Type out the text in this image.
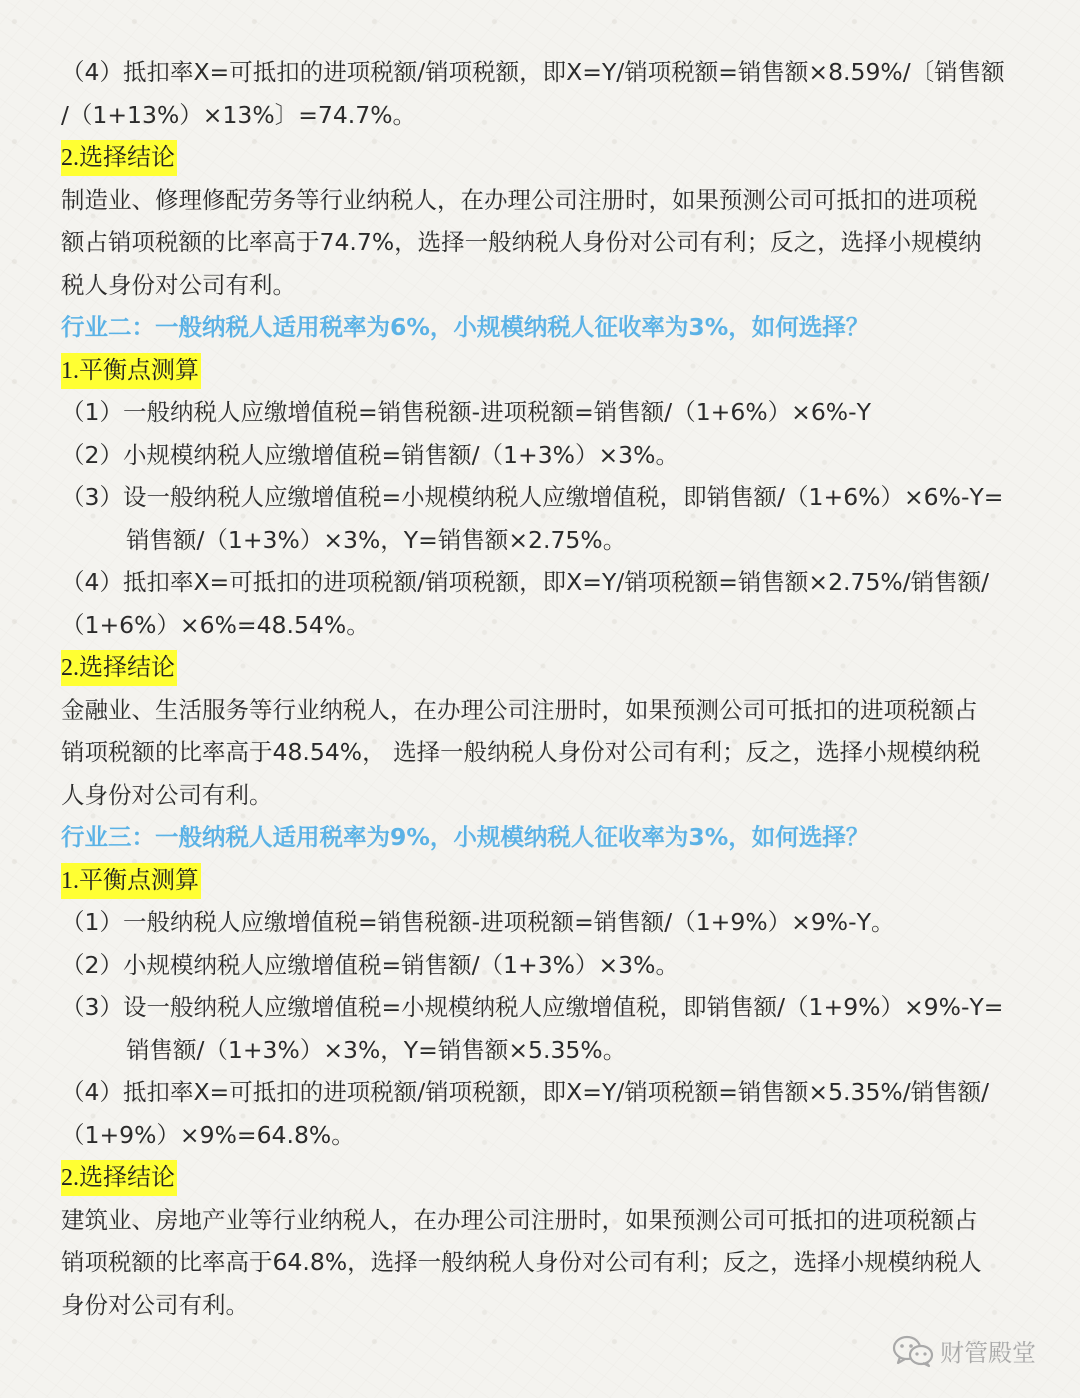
（4）抵扣率X=可抵扣的进项税额/销项税额，即X=Y/销项税额=销售额×8.59%/〔销售额
/（1+13%）×13%〕=74.7%。
2.选择结论
制造业、修理修配劳务等行业纳税人，在办理公司注册时，如果预测公司可抵扣的进项税
额占销项税额的比率高于74.7%，选择一般纳税人身份对公司有利；反之，选择小规模纳
税人身份对公司有利。
行业二：一般纳税人适用税率为6%，小规模纳税人征收率为3%，如何选择？
1.平衡点测算
（1）一般纳税人应缴增值税=销售税额-进项税额=销售额/（1+6%）×6%-Y
（2）小规模纳税人应缴增值税=销售额/（1+3%）×3%。
（3）设一般纳税人应缴增值税=小规模纳税人应缴增值税，即销售额/（1+6%）×6%-Y=
销售额/（1+3%）×3%，Y=销售额×2.75%。
（4）抵扣率X=可抵扣的进项税额/销项税额，即X=Y/销项税额=销售额×2.75%/销售额/
（1+6%）×6%=48.54%。
2.选择结论
金融业、生活服务等行业纳税人，在办理公司注册时，如果预测公司可抵扣的进项税额占
销项税额的比率高于48.54%， 选择一般纳税人身份对公司有利；反之，选择小规模纳税
人身份对公司有利。
行业三：一般纳税人适用税率为9%，小规模纳税人征收率为3%，如何选择？
1.平衡点测算
（1）一般纳税人应缴增值税=销售税额-进项税额=销售额/（1+9%）×9%-Y。
（2）小规模纳税人应缴增值税=销售额/（1+3%）×3%。
（3）设一般纳税人应缴增值税=小规模纳税人应缴增值税，即销售额/（1+9%）×9%-Y=
销售额/（1+3%）×3%，Y=销售额×5.35%。
（4）抵扣率X=可抵扣的进项税额/销项税额，即X=Y/销项税额=销售额×5.35%/销售额/
（1+9%）×9%=64.8%。
2.选择结论
建筑业、房地产业等行业纳税人，在办理公司注册时，如果预测公司可抵扣的进项税额占
销项税额的比率高于64.8%，选择一般纳税人身份对公司有利；反之，选择小规模纳税人
身份对公司有利。
财管殿堂
